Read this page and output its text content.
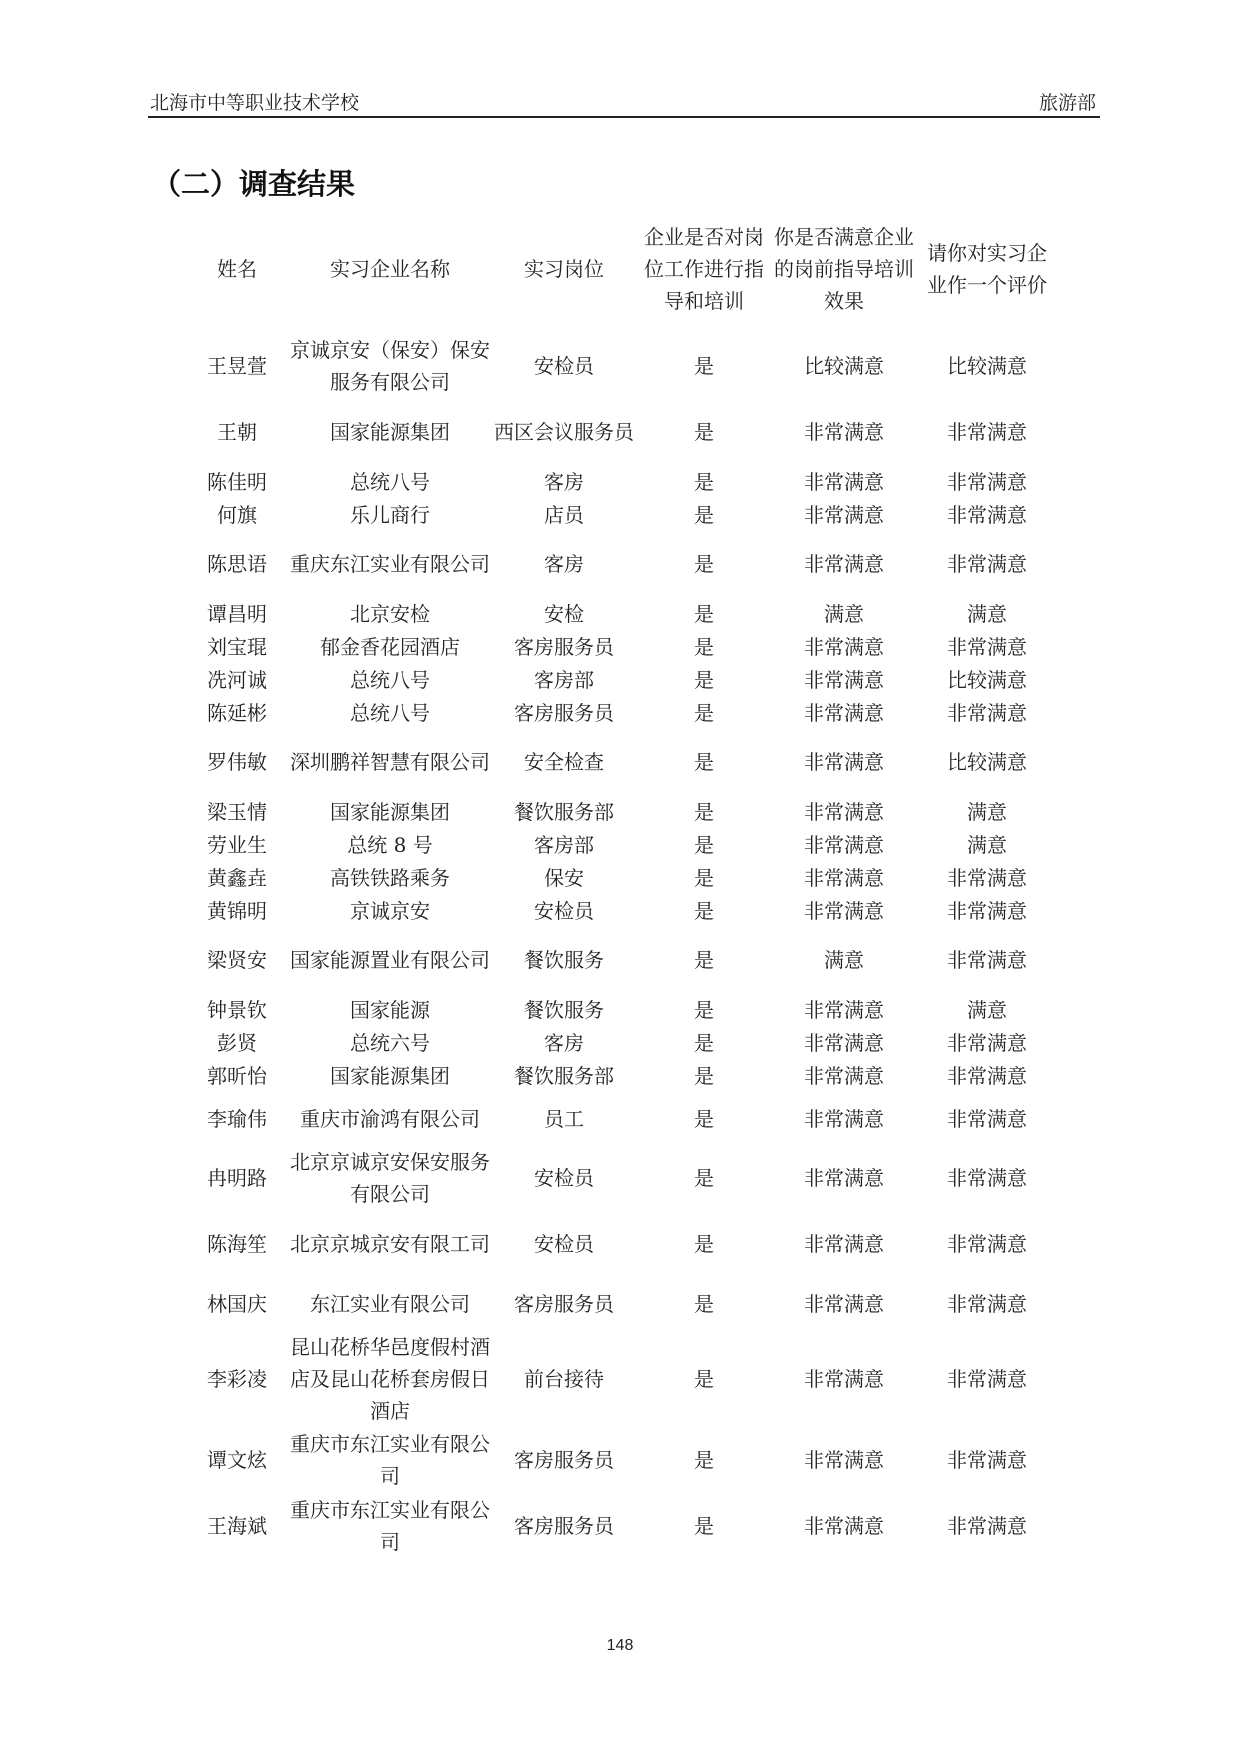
北海市中等职业技术学校	旅游部
（二）调查结果
姓名	实习企业名称	实习岗位	企业是否对岗位工作进行指导和培训	你是否满意企业的岗前指导培训效果	请你对实习企业作一个评价
王昱萱	京诚京安（保安）保安服务有限公司	安检员	是	比较满意	比较满意
王朝	国家能源集团	西区会议服务员	是	非常满意	非常满意
陈佳明	总统八号	客房	是	非常满意	非常满意
何旗	乐儿商行	店员	是	非常满意	非常满意
陈思语	重庆东江实业有限公司	客房	是	非常满意	非常满意
谭昌明	北京安检	安检	是	满意	满意
刘宝琨	郁金香花园酒店	客房服务员	是	非常满意	非常满意
冼河诚	总统八号	客房部	是	非常满意	比较满意
陈延彬	总统八号	客房服务员	是	非常满意	非常满意
罗伟敏	深圳鹏祥智慧有限公司	安全检查	是	非常满意	比较满意
梁玉情	国家能源集团	餐饮服务部	是	非常满意	满意
劳业生	总统 8 号	客房部	是	非常满意	满意
黄鑫垚	高铁铁路乘务	保安	是	非常满意	非常满意
黄锦明	京诚京安	安检员	是	非常满意	非常满意
梁贤安	国家能源置业有限公司	餐饮服务	是	满意	非常满意
钟景钦	国家能源	餐饮服务	是	非常满意	满意
彭贤	总统六号	客房	是	非常满意	非常满意
郭昕怡	国家能源集团	餐饮服务部	是	非常满意	非常满意
李瑜伟	重庆市渝鸿有限公司	员工	是	非常满意	非常满意
冉明路	北京京诚京安保安服务有限公司	安检员	是	非常满意	非常满意
陈海笙	北京京城京安有限工司	安检员	是	非常满意	非常满意
林国庆	东江实业有限公司	客房服务员	是	非常满意	非常满意
李彩凌	昆山花桥华邑度假村酒店及昆山花桥套房假日酒店	前台接待	是	非常满意	非常满意
谭文炫	重庆市东江实业有限公司	客房服务员	是	非常满意	非常满意
王海斌	重庆市东江实业有限公司	客房服务员	是	非常满意	非常满意
148
